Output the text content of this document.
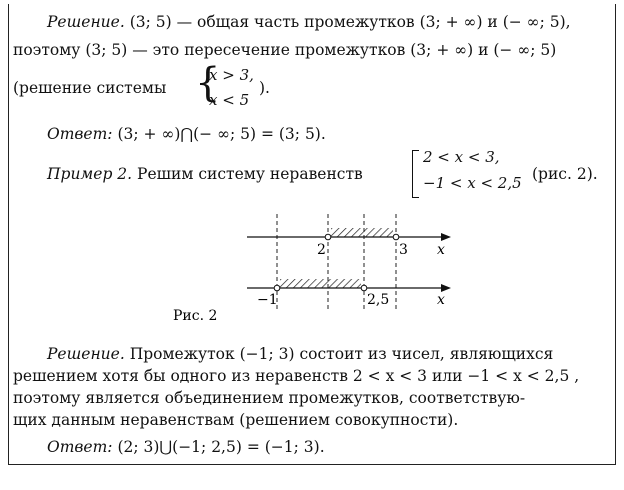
Решение. (3; 5) — общая часть промежутков (3; + ∞) и (− ∞; 5),
поэтому (3; 5) — это пересечение промежутков (3; + ∞) и (− ∞; 5)
(решение системы {
x > 3,
x < 5
).
Ответ: (3; + ∞)⋂(− ∞; 5) = (3; 5).
Пример 2. Решим систему неравенств
2 < x < 3,
−1 < x < 2,5 (рис. 2).
2	3 x
−1	2,5	x
Рис. 2
Решение. Промежуток (−1; 3) состоит из чисел, являющихся
решением хотя бы одного из неравенств 2 < x < 3 или −1 < x < 2,5 ,
поэтому является объединением промежутков, соответствую-
щих данным неравенствам (решением совокупности).
Ответ: (2; 3)⋃(−1; 2,5) = (−1; 3).
